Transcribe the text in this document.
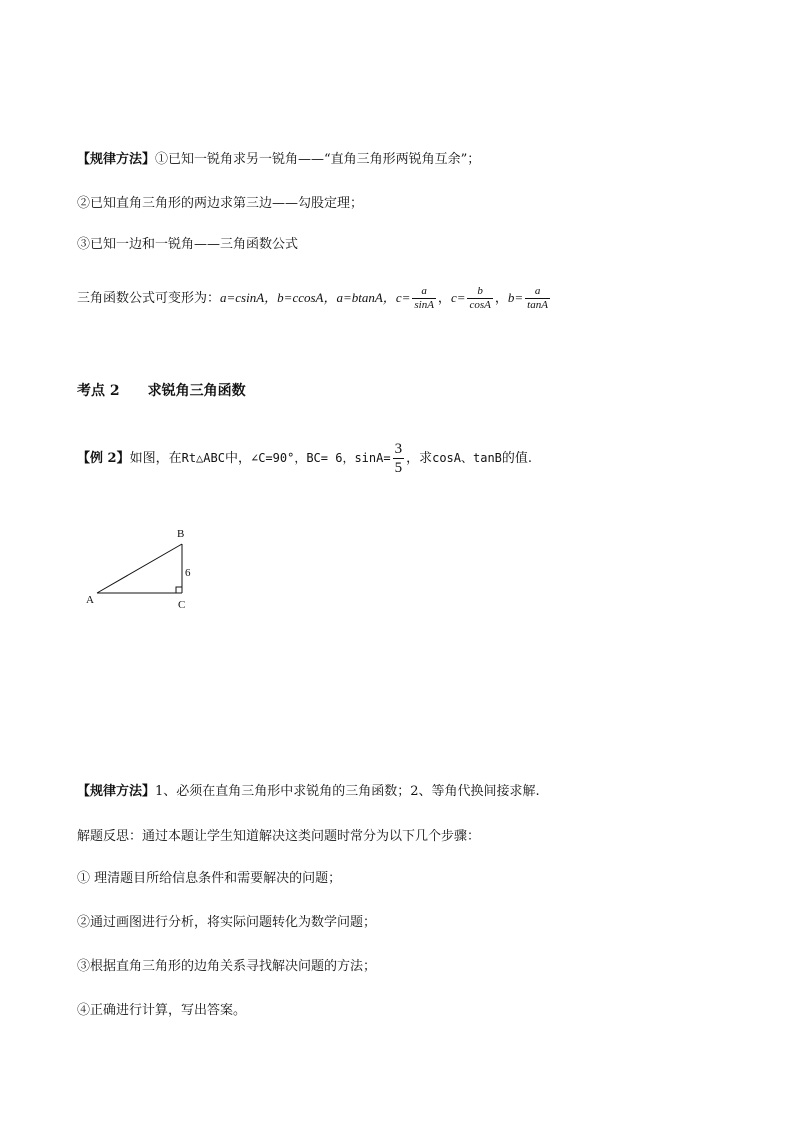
【规律方法】①已知一锐角求另一锐角——“直角三角形两锐角互余”；
②已知直角三角形的两边求第三边——勾股定理；
③已知一边和一锐角——三角函数公式
三角函数公式可变形为：a=csinA，b=ccosA，a=btanA，$c= \frac{a}{\sin A}$ ，$c= \frac{b}{\cos A}$ ，$b= \frac{a}{\tan A}$
考点 2 求锐角三角函数
【例 2】如图，在Rt△ABC中，∠C=90°，BC= 6，$\sin A= \frac{3}{5}$ ，求cosA、tanB的值.
A
B
C
6
【规律方法】1、必须在直角三角形中求锐角的三角函数；2、等角代换间接求解.
解题反思：通过本题让学生知道解决这类问题时常分为以下几个步骤：
① 理清题目所给信息条件和需要解决的问题；
②通过画图进行分析，将实际问题转化为数学问题；
③根据直角三角形的边角关系寻找解决问题的方法；
④正确进行计算，写出答案。
